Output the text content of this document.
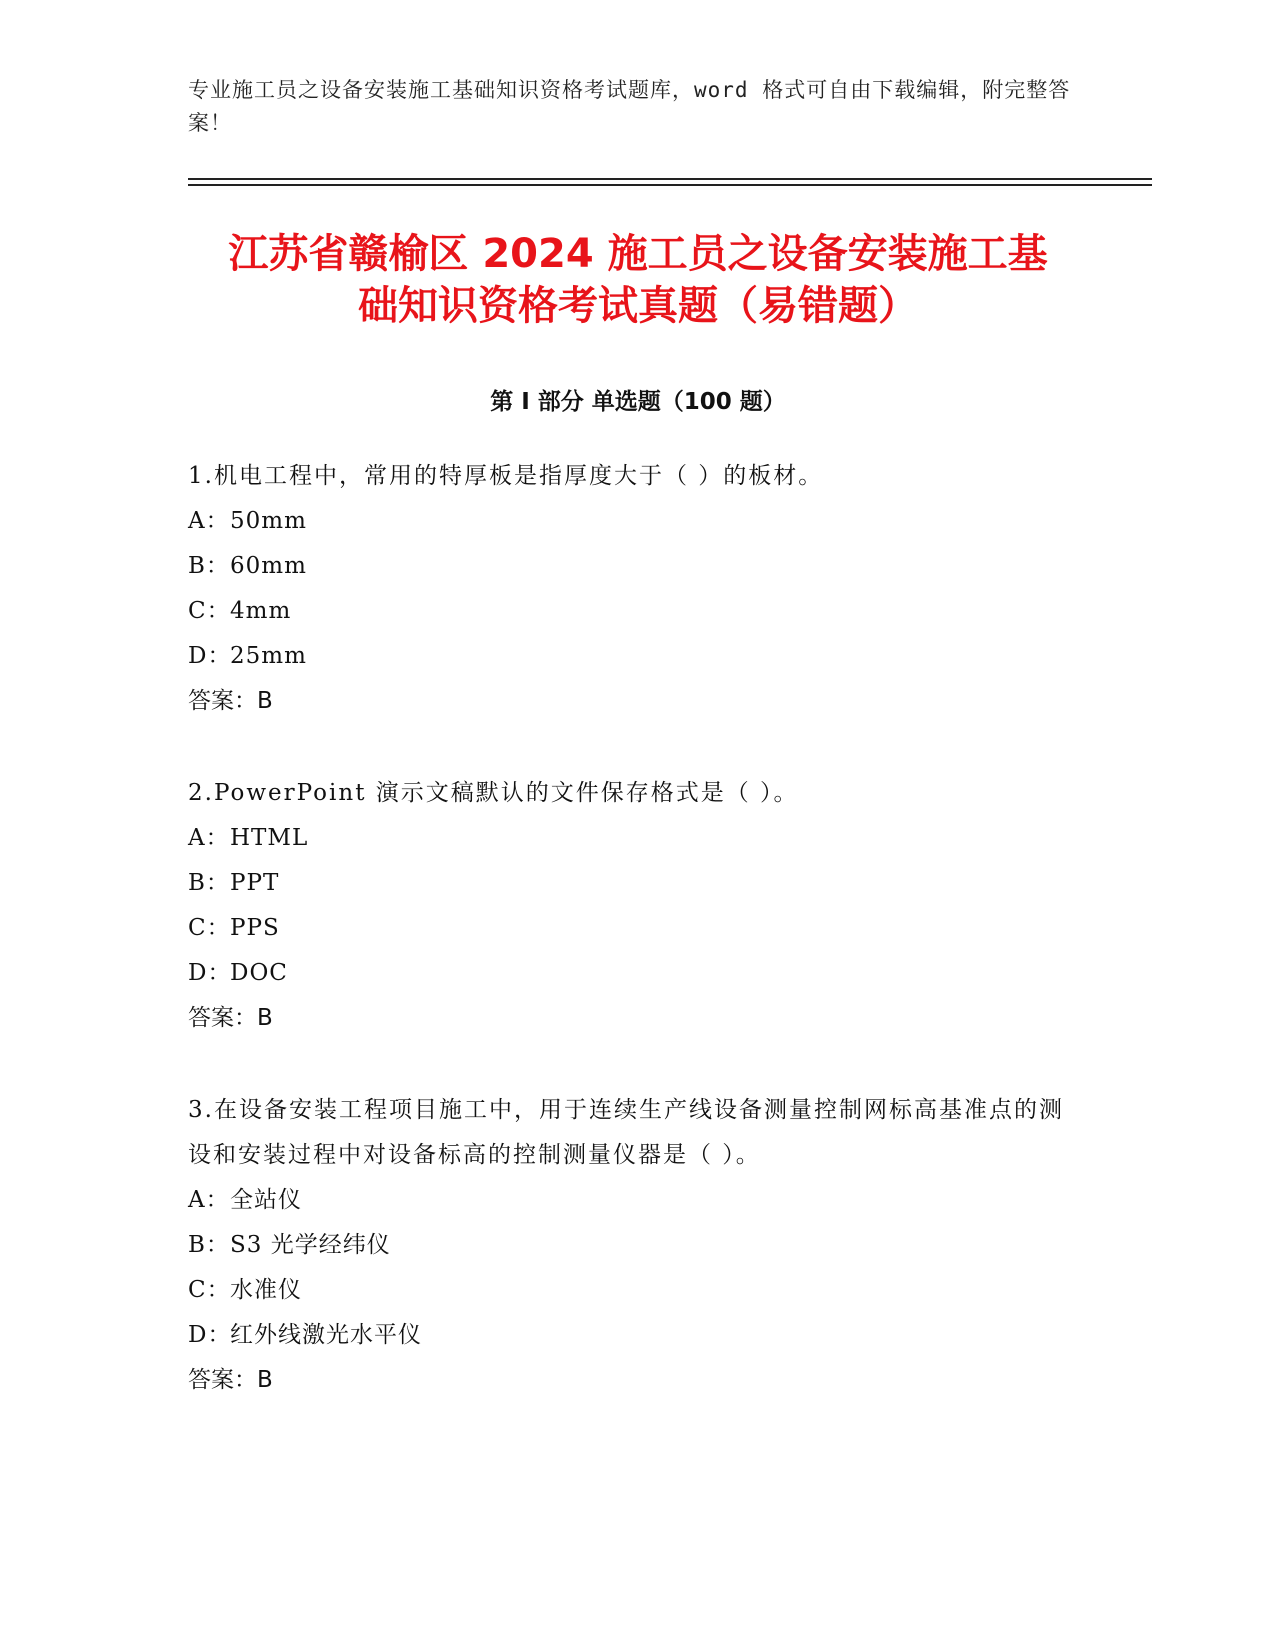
专业施工员之设备安装施工基础知识资格考试题库，word 格式可自由下载编辑，附完整答案！
江苏省赣榆区 2024 施工员之设备安装施工基
础知识资格考试真题（易错题）
第 I 部分 单选题（100 题）
1.机电工程中，常用的特厚板是指厚度大于（ ）的板材。
A：50mm
B：60mm
C：4mm
D：25mm
答案：B
2.PowerPoint 演示文稿默认的文件保存格式是（ ）。
A：HTML
B：PPT
C：PPS
D：DOC
答案：B
3.在设备安装工程项目施工中，用于连续生产线设备测量控制网标高基准点的测设和安装过程中对设备标高的控制测量仪器是（ ）。
A：全站仪
B：S3 光学经纬仪
C：水准仪
D：红外线激光水平仪
答案：B
